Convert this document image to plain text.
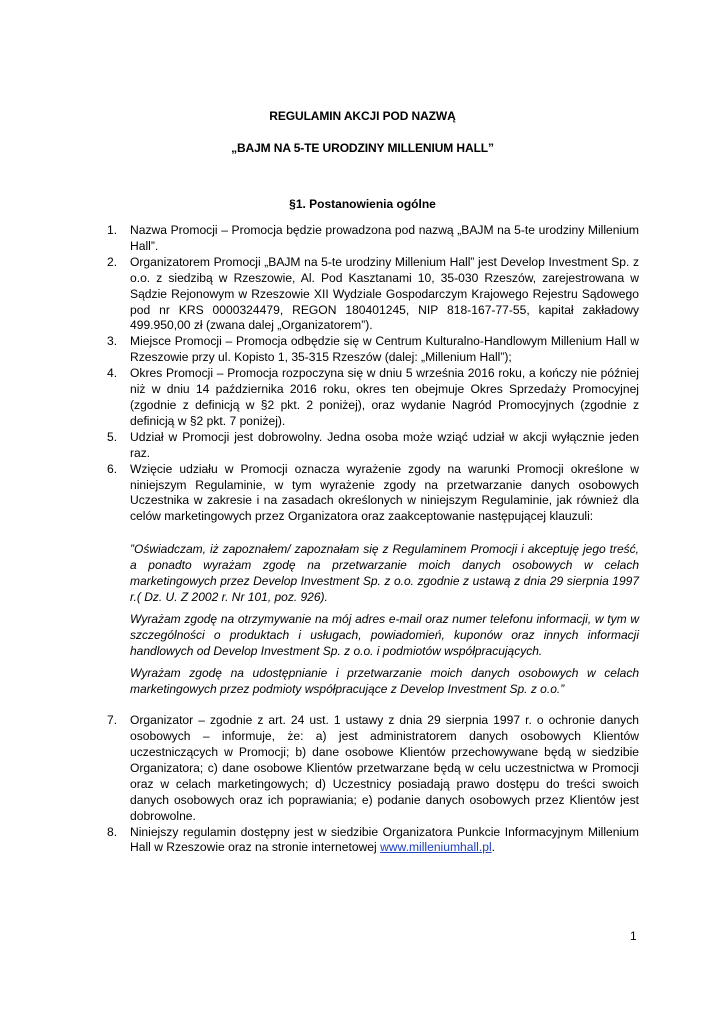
REGULAMIN AKCJI POD NAZWĄ
„BAJM NA 5-TE URODZINY MILLENIUM HALL”
§1. Postanowienia ogólne
1. Nazwa Promocji – Promocja będzie prowadzona pod nazwą „BAJM na 5-te urodziny Millenium Hall”.
2. Organizatorem Promocji „BAJM na 5-te urodziny Millenium Hall” jest Develop Investment Sp. z o.o. z siedzibą w Rzeszowie, Al. Pod Kasztanami 10, 35-030 Rzeszów, zarejestrowana w Sądzie Rejonowym w Rzeszowie XII Wydziale Gospodarczym Krajowego Rejestru Sądowego pod nr KRS 0000324479, REGON 180401245, NIP 818-167-77-55, kapitał zakładowy 499.950,00 zł (zwana dalej „Organizatorem”).
3. Miejsce Promocji – Promocja odbędzie się w Centrum Kulturalno-Handlowym Millenium Hall w Rzeszowie przy ul. Kopisto 1, 35-315 Rzeszów (dalej: „Millenium Hall”);
4. Okres Promocji – Promocja rozpoczyna się w dniu 5 września 2016 roku, a kończy nie później niż w dniu 14 października 2016 roku, okres ten obejmuje Okres Sprzedaży Promocyjnej (zgodnie z definicją w §2 pkt. 2 poniżej), oraz wydanie Nagród Promocyjnych (zgodnie z definicją w §2 pkt. 7 poniżej).
5. Udział w Promocji jest dobrowolny. Jedna osoba może wziąć udział w akcji wyłącznie jeden raz.
6. Wzięcie udziału w Promocji oznacza wyrażenie zgody na warunki Promocji określone w niniejszym Regulaminie, w tym wyrażenie zgody na przetwarzanie danych osobowych Uczestnika w zakresie i na zasadach określonych w niniejszym Regulaminie, jak również dla celów marketingowych przez Organizatora oraz zaakceptowanie następującej klauzuli:

”Oświadczam, iż zapoznałem/ zapoznałam się z Regulaminem Promocji i akceptuję jego treść, a ponadto wyrażam zgodę na przetwarzanie moich danych osobowych w celach marketingowych przez Develop Investment Sp. z o.o. zgodnie z ustawą z dnia 29 sierpnia 1997 r.( Dz. U. Z 2002 r. Nr 101, poz. 926).

Wyrażam zgodę na otrzymywanie na mój adres e-mail oraz numer telefonu informacji, w tym w szczególności o produktach i usługach, powiadomień, kuponów oraz innych informacji handlowych od Develop Investment Sp. z o.o. i podmiotów współpracujących.

Wyrażam zgodę na udostępnianie i przetwarzanie moich danych osobowych w celach marketingowych przez podmioty współpracujące z Develop Investment Sp. z o.o.”

7. Organizator – zgodnie z art. 24 ust. 1 ustawy z dnia 29 sierpnia 1997 r. o ochronie danych osobowych – informuje, że: a) jest administratorem danych osobowych Klientów uczestniczących w Promocji; b) dane osobowe Klientów przechowywane będą w siedzibie Organizatora; c) dane osobowe Klientów przetwarzane będą w celu uczestnictwa w Promocji oraz w celach marketingowych; d) Uczestnicy posiadają prawo dostępu do treści swoich danych osobowych oraz ich poprawiania; e) podanie danych osobowych przez Klientów jest dobrowolne.
8. Niniejszy regulamin dostępny jest w siedzibie Organizatora Punkcie Informacyjnym Millenium Hall w Rzeszowie oraz na stronie internetowej www.milleniumhall.pl.
1
